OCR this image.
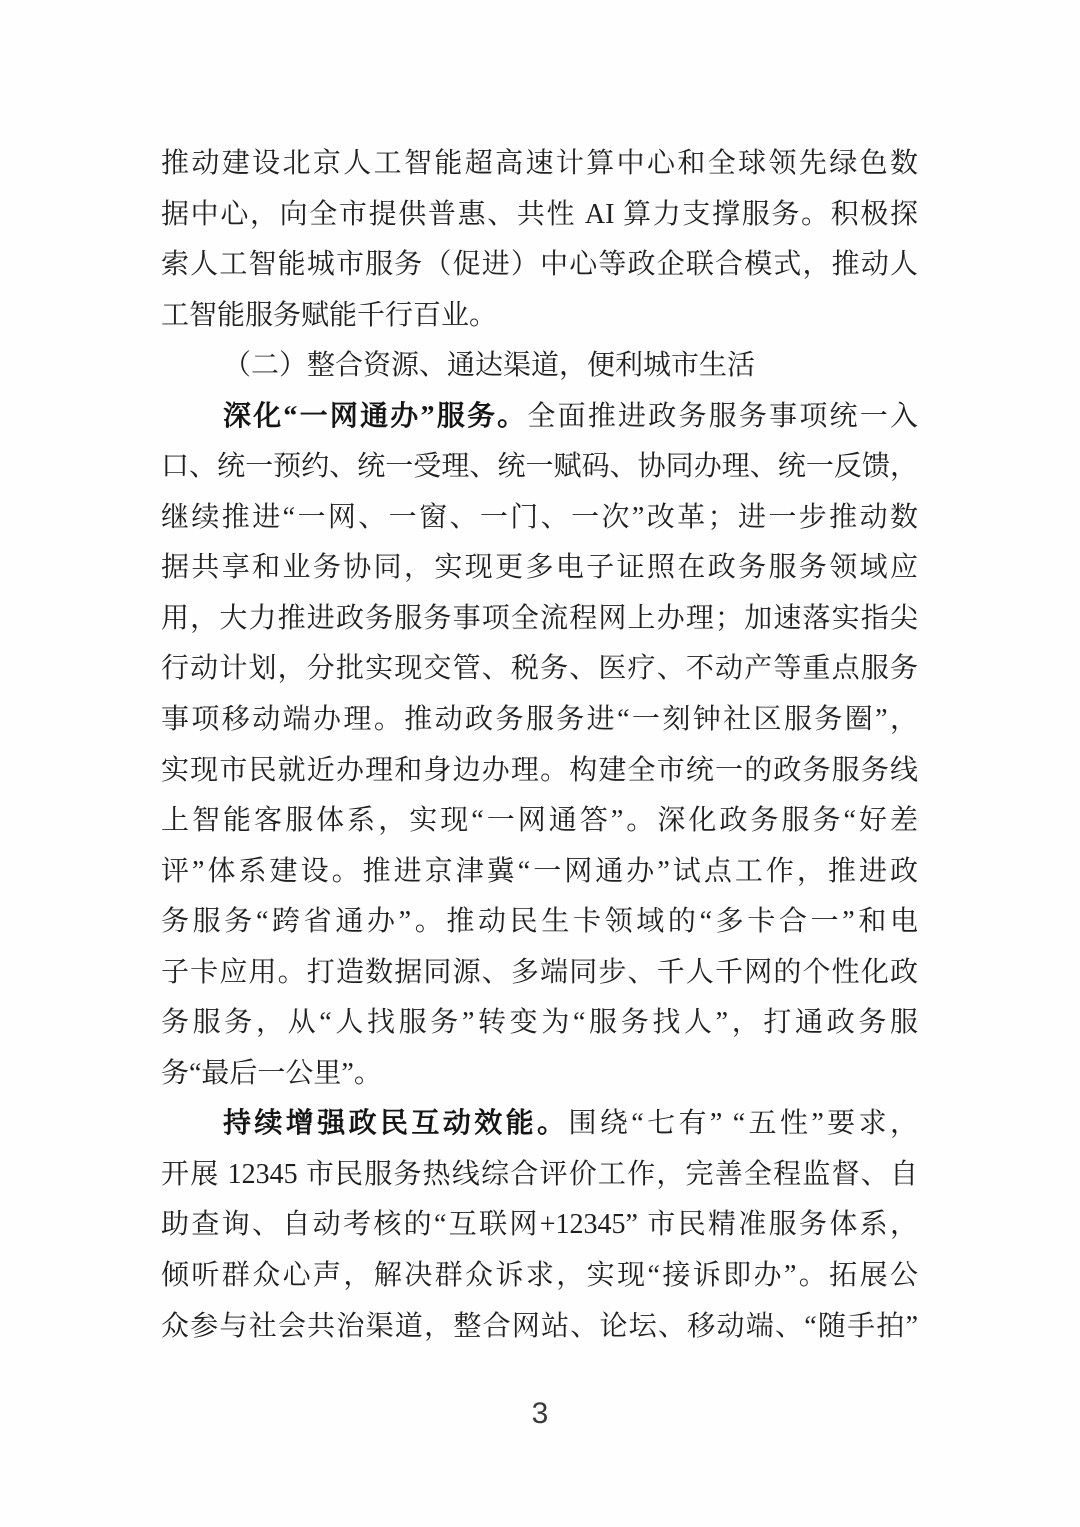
推动建设北京人工智能超高速计算中心和全球领先绿色数
据中心，向全市提供普惠、共性 AI 算力支撑服务。积极探
索人工智能城市服务（促进）中心等政企联合模式，推动人
工智能服务赋能千行百业。
（二）整合资源、通达渠道，便利城市生活
深化“一网通办”服务。全面推进政务服务事项统一入
口、统一预约、统一受理、统一赋码、协同办理、统一反馈，
继续推进“一网、一窗、一门、一次”改革；进一步推动数
据共享和业务协同，实现更多电子证照在政务服务领域应
用，大力推进政务服务事项全流程网上办理；加速落实指尖
行动计划，分批实现交管、税务、医疗、不动产等重点服务
事项移动端办理。推动政务服务进“一刻钟社区服务圈”，
实现市民就近办理和身边办理。构建全市统一的政务服务线
上智能客服体系，实现“一网通答”。深化政务服务“好差
评”体系建设。推进京津冀“一网通办”试点工作，推进政
务服务“跨省通办”。推动民生卡领域的“多卡合一”和电
子卡应用。打造数据同源、多端同步、千人千网的个性化政
务服务，从“人找服务”转变为“服务找人”，打通政务服
务“最后一公里”。
持续增强政民互动效能。围绕“七有” “五性”要求，
开展 12345 市民服务热线综合评价工作，完善全程监督、自
助查询、自动考核的“互联网+12345” 市民精准服务体系，
倾听群众心声，解决群众诉求，实现“接诉即办”。拓展公
众参与社会共治渠道，整合网站、论坛、移动端、“随手拍”
3
